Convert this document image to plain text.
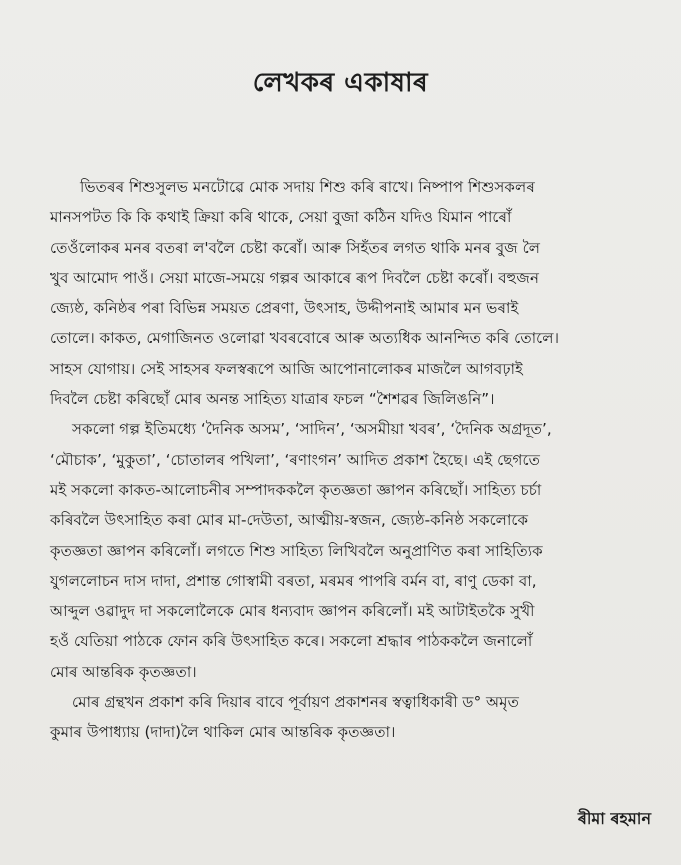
লেখকৰ একাষাৰ
ভিতৰৰ শিশুসুলভ মনটোৱে মোক সদায় শিশু কৰি ৰাখে। নিষ্পাপ শিশুসকলৰ
মানসপটত কি কি কথাই ক্ৰিয়া কৰি থাকে, সেয়া বুজা কঠিন যদিও যিমান পাৰোঁ
তেওঁলোকৰ মনৰ বতৰা ল'বলৈ চেষ্টা কৰোঁ। আৰু সিহঁতৰ লগত থাকি মনৰ বুজ লৈ
খুব আমোদ পাওঁ। সেয়া মাজে-সময়ে গল্পৰ আকাৰে ৰূপ দিবলৈ চেষ্টা কৰোঁ। বহুজন
জ্যেষ্ঠ, কনিষ্ঠৰ পৰা বিভিন্ন সময়ত প্ৰেৰণা, উৎসাহ, উদ্দীপনাই আমাৰ মন ভৰাই
তোলে। কাকত, মেগাজিনত ওলোৱা খবৰবোৰে আৰু অত্যধিক আনন্দিত কৰি তোলে।
সাহস যোগায়। সেই সাহসৰ ফলস্বৰূপে আজি আপোনালোকৰ মাজলৈ আগবঢ়াই
দিবলৈ চেষ্টা কৰিছোঁ মোৰ অনন্ত সাহিত্য যাত্ৰাৰ ফচল “শৈশৱৰ জিলিঙনি”।
সকলো গল্প ইতিমধ্যে ‘দৈনিক অসম’, ‘সাদিন’, ‘অসমীয়া খবৰ’, ‘দৈনিক অগ্ৰদূত’,
‘মৌচাক’, ‘মুকুতা’, ‘চোতালৰ পখিলা’, ‘ৰণাংগন’ আদিত প্ৰকাশ হৈছে। এই ছেগতে
মই সকলো কাকত-আলোচনীৰ সম্পাদককলৈ কৃতজ্ঞতা জ্ঞাপন কৰিছোঁ। সাহিত্য চৰ্চা
কৰিবলৈ উৎসাহিত কৰা মোৰ মা-দেউতা, আত্মীয়-স্বজন, জ্যেষ্ঠ-কনিষ্ঠ সকলোকে
কৃতজ্ঞতা জ্ঞাপন কৰিলোঁ। লগতে শিশু সাহিত্য লিখিবলৈ অনুপ্ৰাণিত কৰা সাহিত্যিক
যুগললোচন দাস দাদা, প্ৰশান্ত গোস্বামী বৰতা, মৰমৰ পাপৰি বৰ্মন বা, ৰাণু ডেকা বা,
আব্দুল ওৱাদুদ দা সকলোলৈকে মোৰ ধন্যবাদ জ্ঞাপন কৰিলোঁ। মই আটাইতকৈ সুখী
হওঁ যেতিয়া পাঠকে ফোন কৰি উৎসাহিত কৰে। সকলো শ্ৰদ্ধাৰ পাঠককলৈ জনালোঁ
মোৰ আন্তৰিক কৃতজ্ঞতা।
মোৰ গ্ৰন্থখন প্ৰকাশ কৰি দিয়াৰ বাবে পূৰ্বায়ণ প্ৰকাশনৰ স্বত্বাধিকাৰী ড° অমৃত
কুমাৰ উপাধ্যায় (দাদা)লৈ থাকিল মোৰ আন্তৰিক কৃতজ্ঞতা।
ৰীমা ৰহমান
